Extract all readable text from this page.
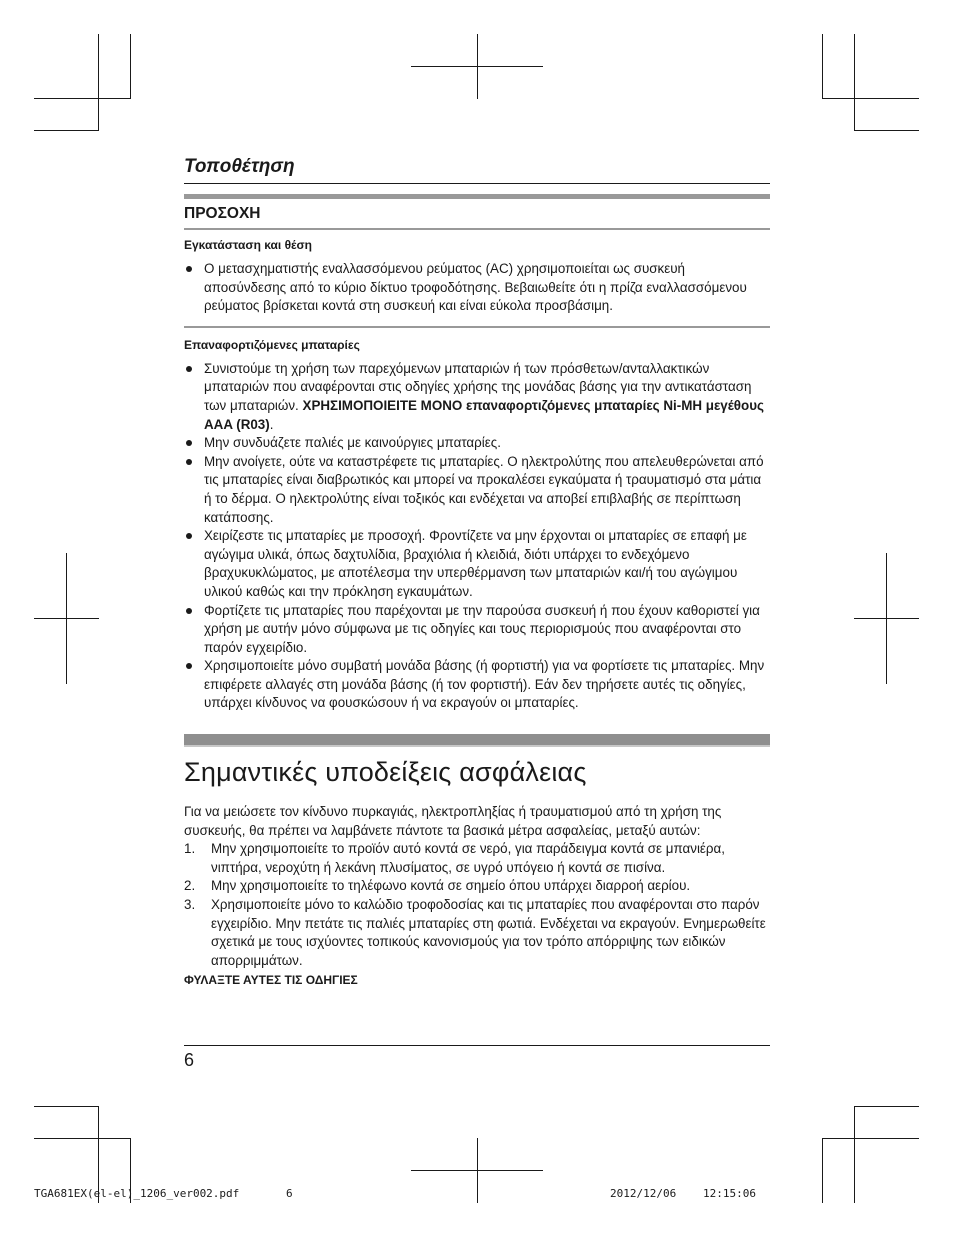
Τοποθέτηση
ΠΡΟΣΟΧΗ
Εγκατάσταση και θέση
Ο μετασχηματιστής εναλλασσόμενου ρεύματος (AC) χρησιμοποιείται ως συσκευή αποσύνδεσης από το κύριο δίκτυο τροφοδότησης. Βεβαιωθείτε ότι η πρίζα εναλλασσόμενου ρεύματος βρίσκεται κοντά στη συσκευή και είναι εύκολα προσβάσιμη.
Επαναφορτιζόμενες μπαταρίες
Συνιστούμε τη χρήση των παρεχόμενων μπαταριών ή των πρόσθετων/ανταλλακτικών μπαταριών που αναφέρονται στις οδηγίες χρήσης της μονάδας βάσης για την αντικατάσταση των μπαταριών. ΧΡΗΣΙΜΟΠΟΙΕΙΤΕ ΜΟΝΟ επαναφορτιζόμενες μπαταρίες Ni-MH μεγέθους AAA (R03).
Μην συνδυάζετε παλιές με καινούργιες μπαταρίες.
Μην ανοίγετε, ούτε να καταστρέφετε τις μπαταρίες. Ο ηλεκτρολύτης που απελευθερώνεται από τις μπαταρίες είναι διαβρωτικός και μπορεί να προκαλέσει εγκαύματα ή τραυματισμό στα μάτια ή το δέρμα. Ο ηλεκτρολύτης είναι τοξικός και ενδέχεται να αποβεί επιβλαβής σε περίπτωση κατάποσης.
Χειρίζεστε τις μπαταρίες με προσοχή. Φροντίζετε να μην έρχονται οι μπαταρίες σε επαφή με αγώγιμα υλικά, όπως δαχτυλίδια, βραχιόλια ή κλειδιά, διότι υπάρχει το ενδεχόμενο βραχυκυκλώματος, με αποτέλεσμα την υπερθέρμανση των μπαταριών και/ή του αγώγιμου υλικού καθώς και την πρόκληση εγκαυμάτων.
Φορτίζετε τις μπαταρίες που παρέχονται με την παρούσα συσκευή ή που έχουν καθοριστεί για χρήση με αυτήν μόνο σύμφωνα με τις οδηγίες και τους περιορισμούς που αναφέρονται στο παρόν εγχειρίδιο.
Χρησιμοποιείτε μόνο συμβατή μονάδα βάσης (ή φορτιστή) για να φορτίσετε τις μπαταρίες. Μην επιφέρετε αλλαγές στη μονάδα βάσης (ή τον φορτιστή). Εάν δεν τηρήσετε αυτές τις οδηγίες, υπάρχει κίνδυνος να φουσκώσουν ή να εκραγούν οι μπαταρίες.
Σημαντικές υποδείξεις ασφάλειας
Για να μειώσετε τον κίνδυνο πυρκαγιάς, ηλεκτροπληξίας ή τραυματισμού από τη χρήση της συσκευής, θα πρέπει να λαμβάνετε πάντοτε τα βασικά μέτρα ασφαλείας, μεταξύ αυτών:
1. Μην χρησιμοποιείτε το προϊόν αυτό κοντά σε νερό, για παράδειγμα κοντά σε μπανιέρα, νιπτήρα, νεροχύτη ή λεκάνη πλυσίματος, σε υγρό υπόγειο ή κοντά σε πισίνα.
2. Μην χρησιμοποιείτε το τηλέφωνο κοντά σε σημείο όπου υπάρχει διαρροή αερίου.
3. Χρησιμοποιείτε μόνο το καλώδιο τροφοδοσίας και τις μπαταρίες που αναφέρονται στο παρόν εγχειρίδιο. Μην πετάτε τις παλιές μπαταρίες στη φωτιά. Ενδέχεται να εκραγούν. Ενημερωθείτε σχετικά με τους ισχύοντες τοπικούς κανονισμούς για τον τρόπο απόρριψης των ειδικών απορριμμάτων.
ΦΥΛΑΞΤΕ ΑΥΤΕΣ ΤΙΣ ΟΔΗΓΙΕΣ
6
TGA681EX(el-el)_1206_ver002.pdf	6	2012/12/06 12:15:06
